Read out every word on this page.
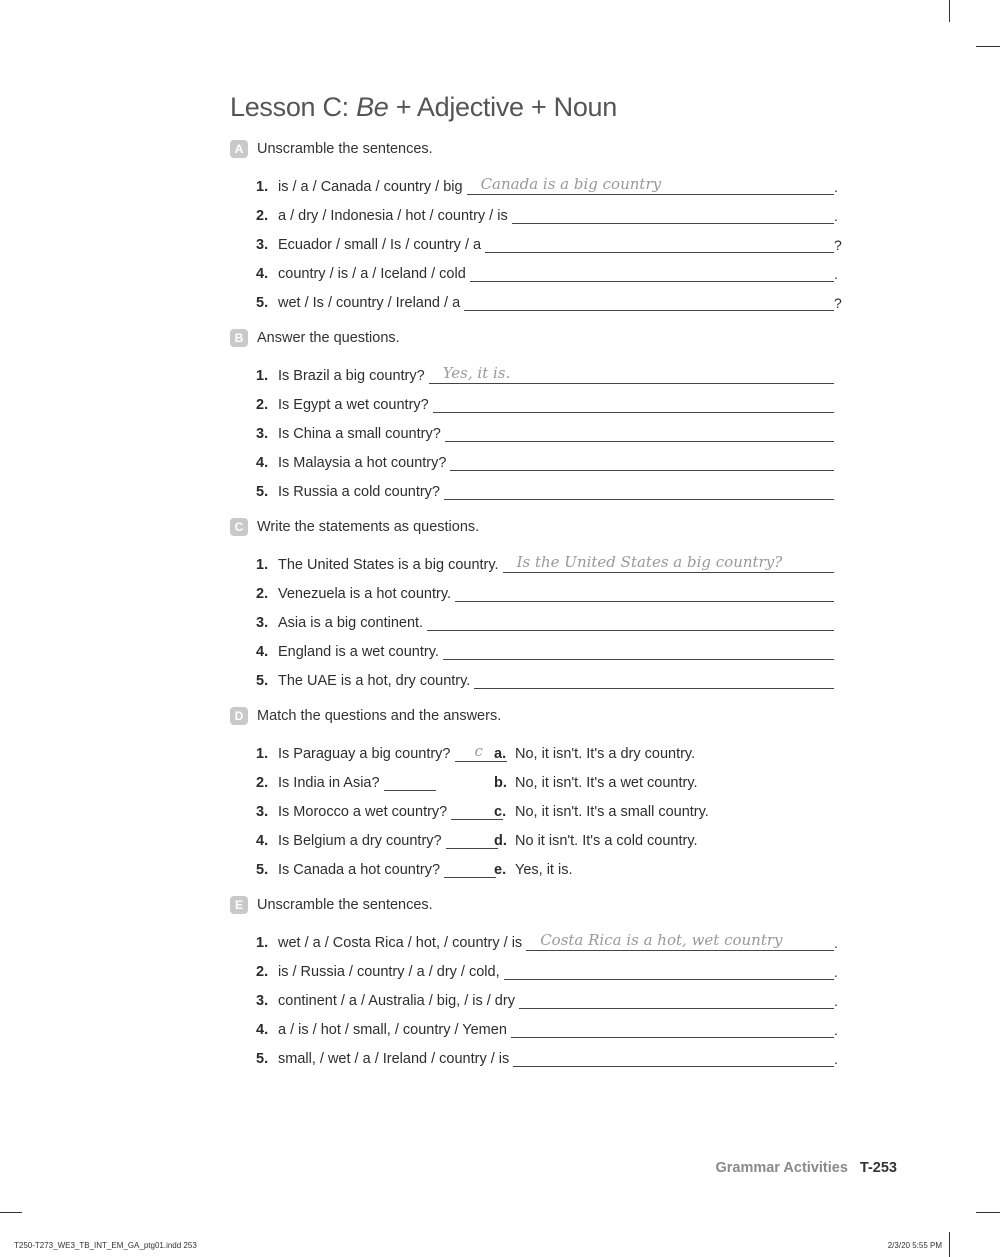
Lesson C: Be + Adjective + Noun
A Unscramble the sentences.
1. is / a / Canada / country / big Canada is a big country	.
2. a / dry / Indonesia / hot / country / is	.
3. Ecuador / small / Is / country / a	?
4. country / is / a / Iceland / cold	.
5. wet / Is / country / Ireland / a	?
B Answer the questions.
1. Is Brazil a big country? Yes, it is.
2. Is Egypt a wet country?
3. Is China a small country?
4. Is Malaysia a hot country?
5. Is Russia a cold country?
C Write the statements as questions.
1. The United States is a big country. Is the United States a big country?
2. Venezuela is a hot country.
3. Asia is a big continent.
4. England is a wet country.
5. The UAE is a hot, dry country.
D Match the questions and the answers.
1. Is Paraguay a big country? c a. No, it isn't. It's a dry country.
2. Is India in Asia?	b. No, it isn't. It's a wet country.
3. Is Morocco a wet country?	c. No, it isn't. It's a small country.
4. Is Belgium a dry country?	d. No it isn't. It's a cold country.
5. Is Canada a hot country?	e. Yes, it is.
E Unscramble the sentences.
1. wet / a / Costa Rica / hot, / country / is Costa Rica is a hot, wet country	.
2. is / Russia / country / a / dry / cold,	.
3. continent / a / Australia / big, / is / dry	.
4. a / is / hot / small, / country / Yemen	.
5. small, / wet / a / Ireland / country / is	.
Grammar Activities T-253
T250-T273_WE3_TB_INT_EM_GA_ptg01.indd 253	2/3/20 5:55 PM
